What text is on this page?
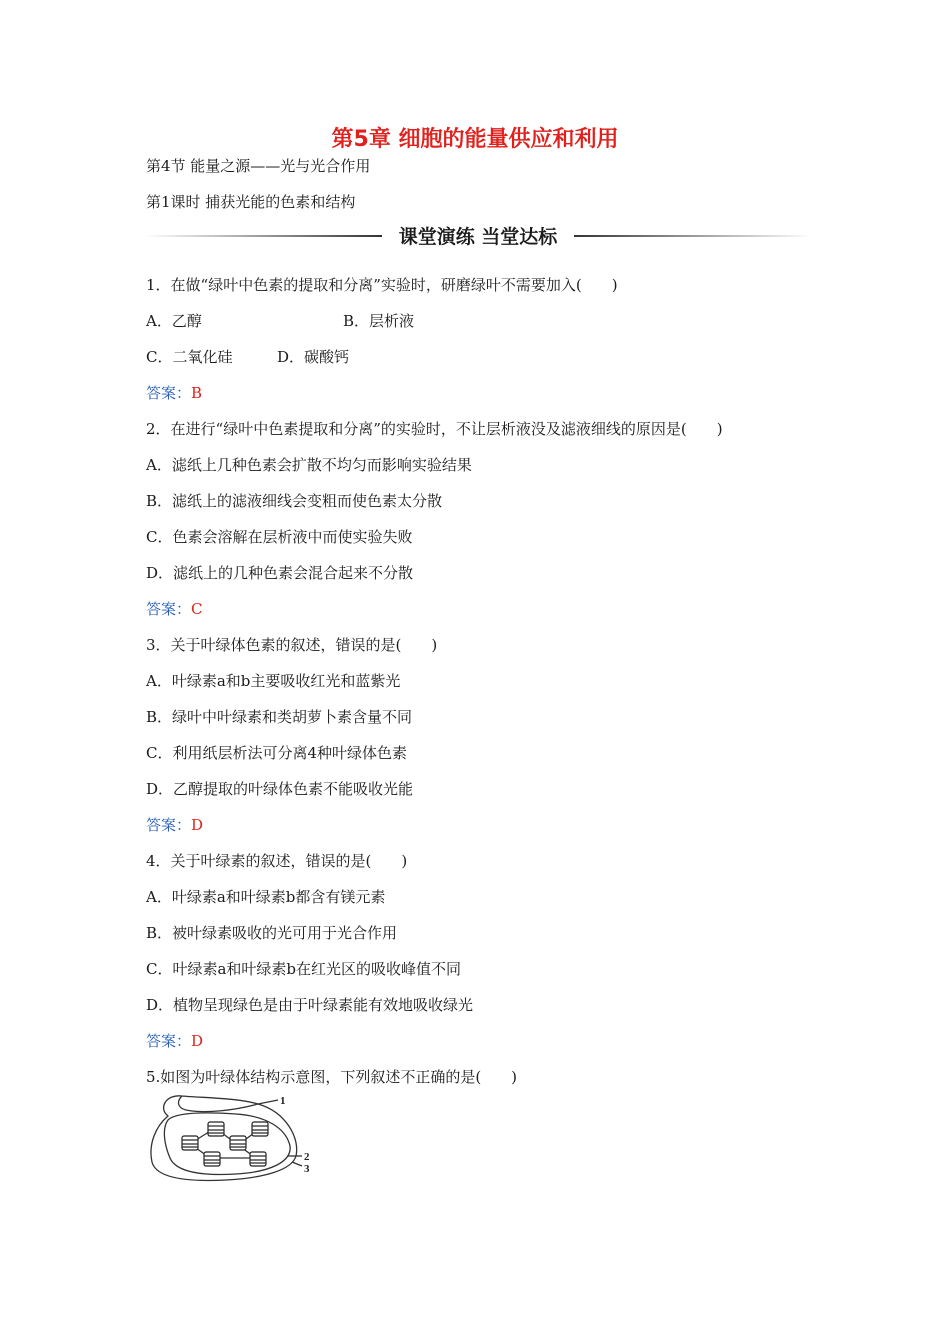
第5章 细胞的能量供应和利用
第4节 能量之源——光与光合作用
第1课时 捕获光能的色素和结构
课堂演练 当堂达标
1．在做“绿叶中色素的提取和分离”实验时，研磨绿叶不需要加入(　　)
A．乙醇	B．层析液
C．二氧化硅	D．碳酸钙
答案：B
2．在进行“绿叶中色素提取和分离”的实验时，不让层析液没及滤液细线的原因是(　　)
A．滤纸上几种色素会扩散不均匀而影响实验结果
B．滤纸上的滤液细线会变粗而使色素太分散
C．色素会溶解在层析液中而使实验失败
D．滤纸上的几种色素会混合起来不分散
答案：C
3．关于叶绿体色素的叙述，错误的是(　　)
A．叶绿素a和b主要吸收红光和蓝紫光
B．绿叶中叶绿素和类胡萝卜素含量不同
C．利用纸层析法可分离4种叶绿体色素
D．乙醇提取的叶绿体色素不能吸收光能
答案：D
4．关于叶绿素的叙述，错误的是(　　)
A．叶绿素a和叶绿素b都含有镁元素
B．被叶绿素吸收的光可用于光合作用
C．叶绿素a和叶绿素b在红光区的吸收峰值不同
D．植物呈现绿色是由于叶绿素能有效地吸收绿光
答案：D
5.如图为叶绿体结构示意图，下列叙述不正确的是(　　)
1
2
3
